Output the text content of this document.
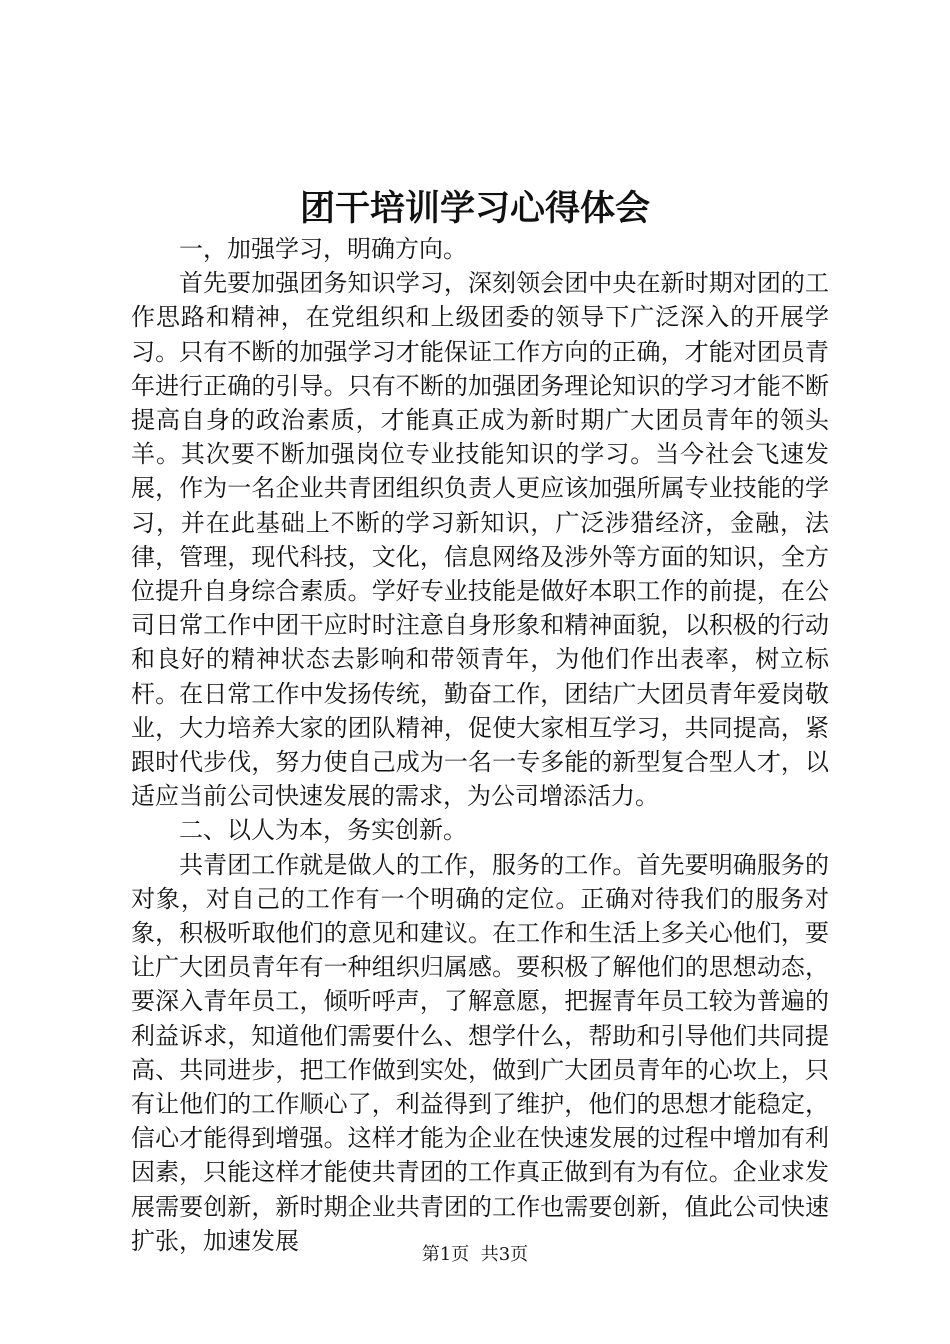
团干培训学习心得体会

一，加强学习，明确方向。

首先要加强团务知识学习，深刻领会团中央在新时期对团的工作思路和精神，在党组织和上级团委的领导下广泛深入的开展学习。只有不断的加强学习才能保证工作方向的正确，才能对团员青年进行正确的引导。只有不断的加强团务理论知识的学习才能不断提高自身的政治素质，才能真正成为新时期广大团员青年的领头羊。其次要不断加强岗位专业技能知识的学习。当今社会飞速发展，作为一名企业共青团组织负责人更应该加强所属专业技能的学习，并在此基础上不断的学习新知识，广泛涉猎经济，金融，法律，管理，现代科技，文化，信息网络及涉外等方面的知识，全方位提升自身综合素质。学好专业技能是做好本职工作的前提，在公司日常工作中团干应时时注意自身形象和精神面貌，以积极的行动和良好的精神状态去影响和带领青年，为他们作出表率，树立标杆。在日常工作中发扬传统，勤奋工作，团结广大团员青年爱岗敬业，大力培养大家的团队精神，促使大家相互学习，共同提高，紧跟时代步伐，努力使自己成为一名一专多能的新型复合型人才，以适应当前公司快速发展的需求，为公司增添活力。

二、以人为本，务实创新。

共青团工作就是做人的工作，服务的工作。首先要明确服务的对象，对自己的工作有一个明确的定位。正确对待我们的服务对象，积极听取他们的意见和建议。在工作和生活上多关心他们，要让广大团员青年有一种组织归属感。要积极了解他们的思想动态，要深入青年员工，倾听呼声，了解意愿，把握青年员工较为普遍的利益诉求，知道他们需要什么、想学什么，帮助和引导他们共同提高、共同进步，把工作做到实处，做到广大团员青年的心坎上，只有让他们的工作顺心了，利益得到了维护，他们的思想才能稳定，信心才能得到增强。这样才能为企业在快速发展的过程中增加有利因素，只能这样才能使共青团的工作真正做到有为有位。企业求发展需要创新，新时期企业共青团的工作也需要创新，值此公司快速扩张，加速发展	第1页 共3页
